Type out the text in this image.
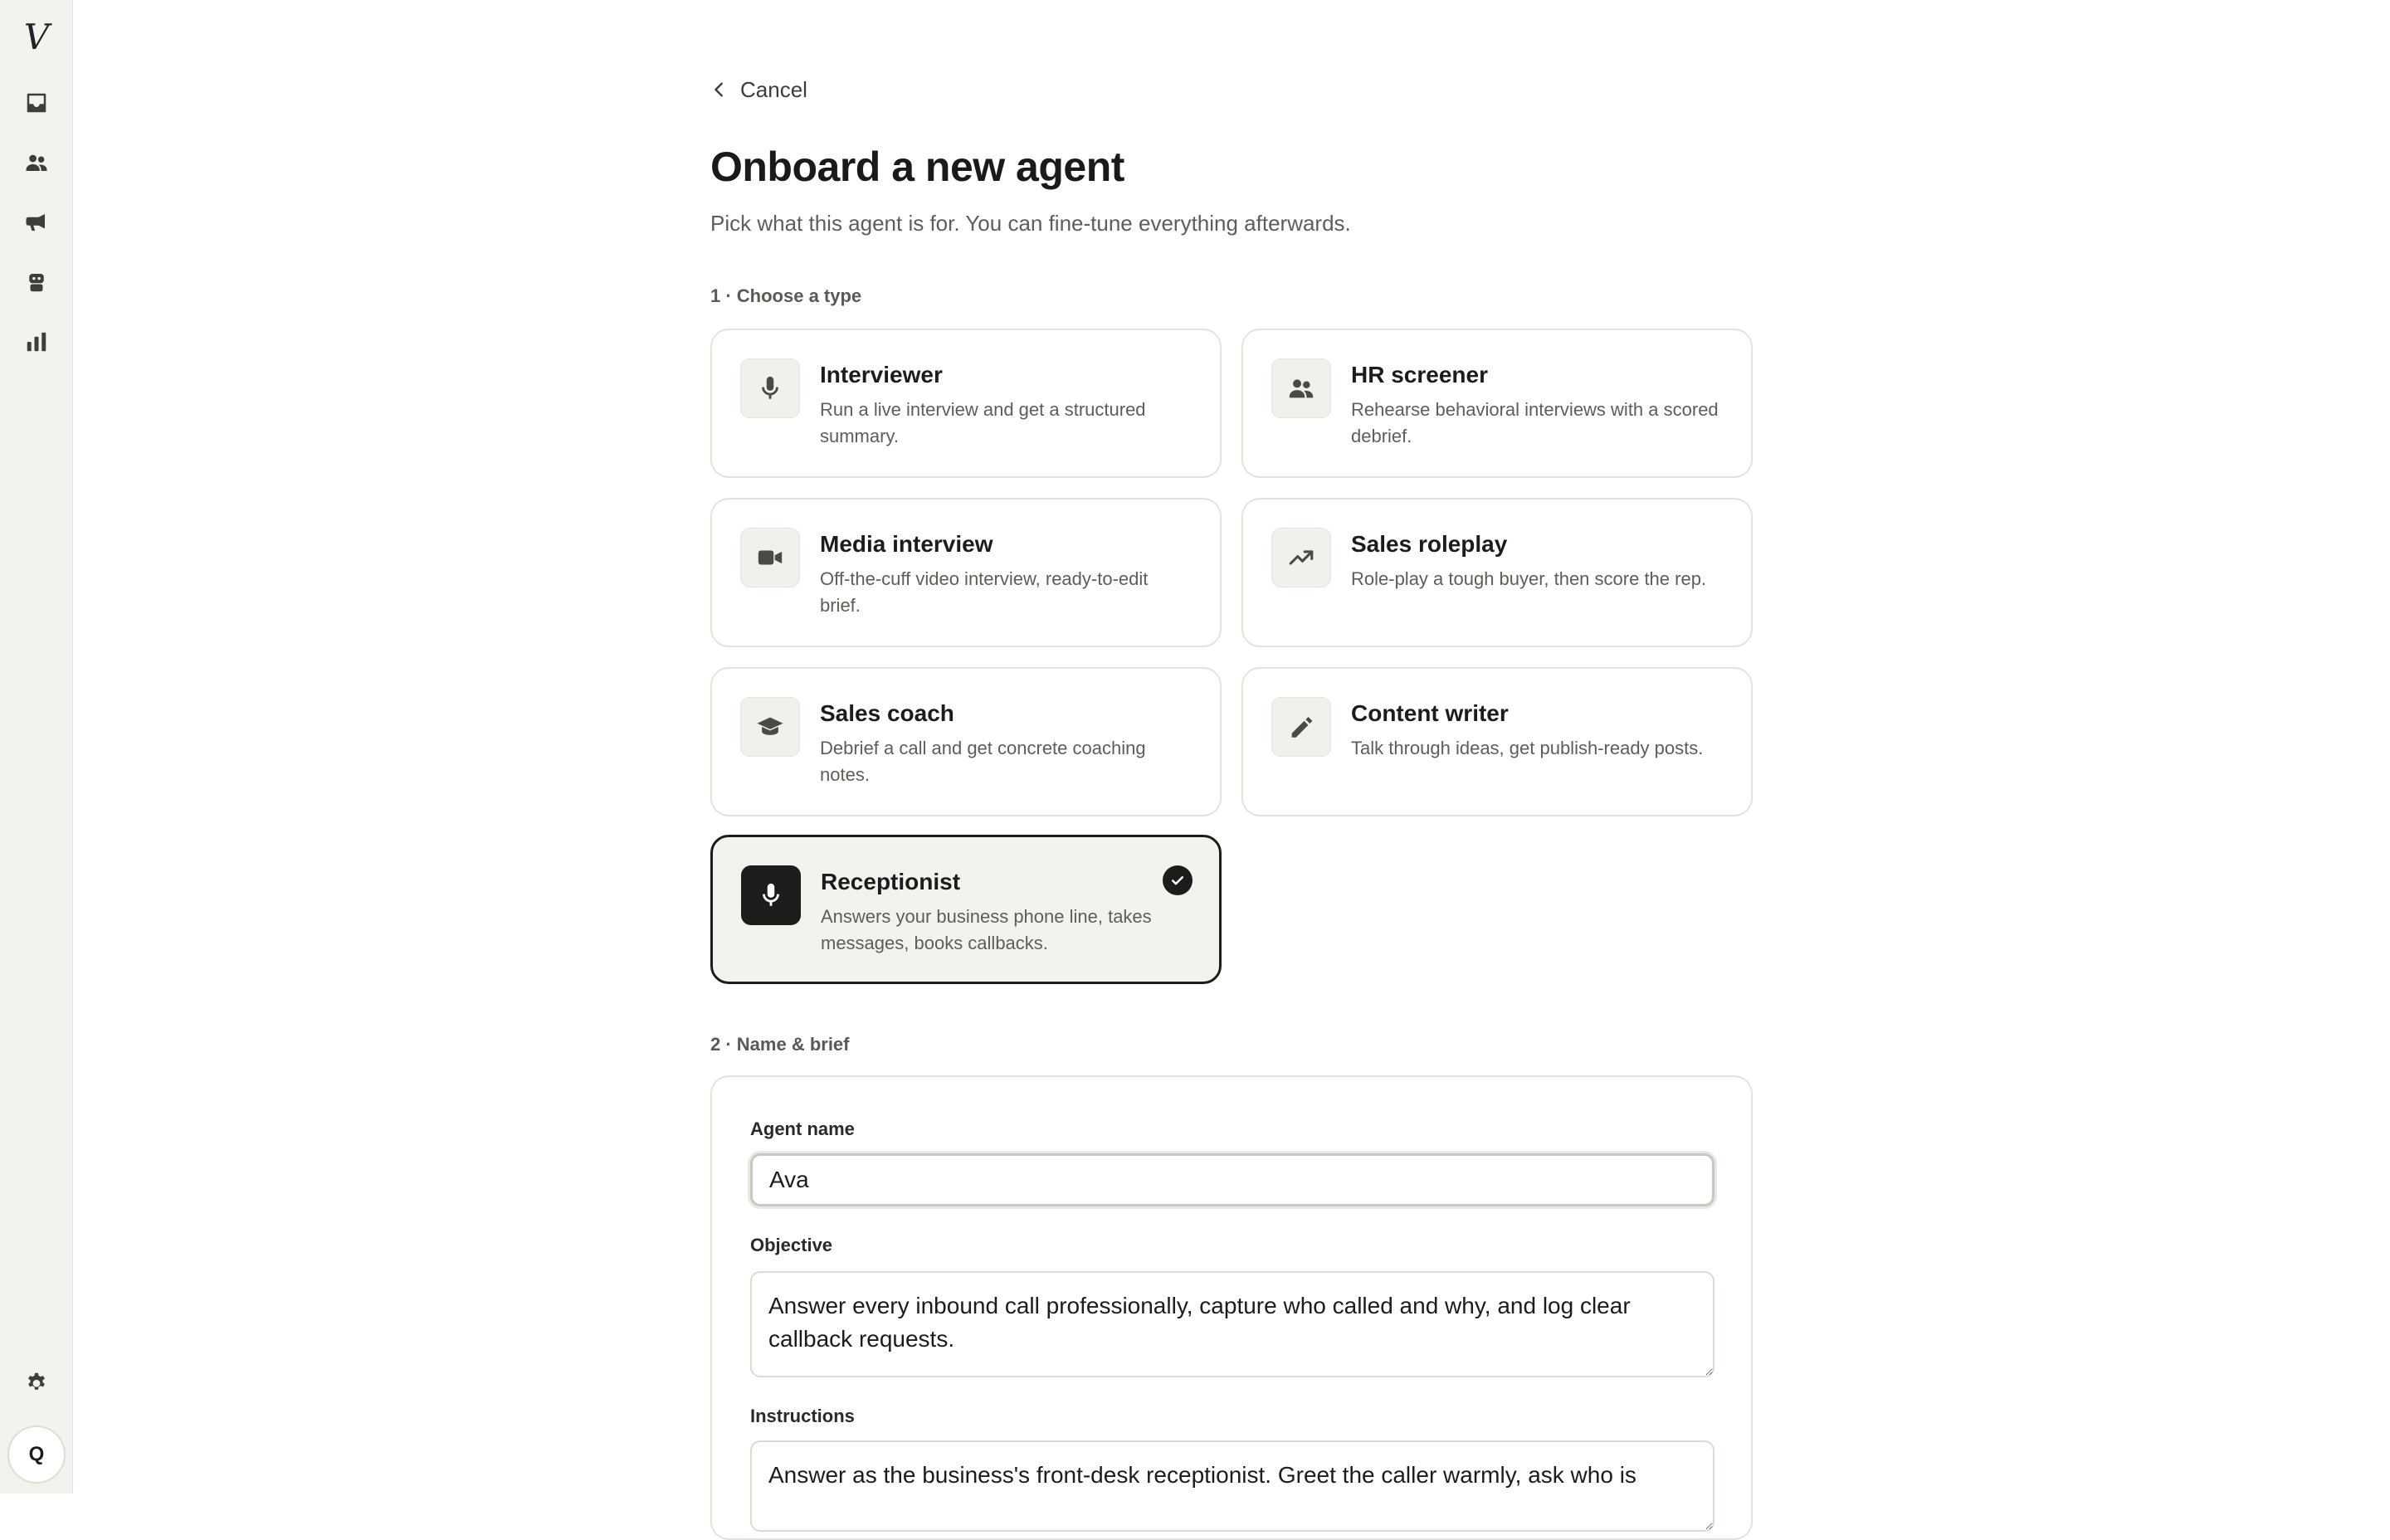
V
Q
Cancel
Onboard a new agent

Pick what this agent is for. You can fine-tune everything afterwards.

1 · Choose a type
Interviewer
Run a live interview and get a structured summary.
HR screener
Rehearse behavioral interviews with a scored debrief.
Media interview
Off-the-cuff video interview, ready-to-edit brief.
Sales roleplay
Role-play a tough buyer, then score the rep.
Sales coach
Debrief a call and get concrete coaching notes.
Content writer
Talk through ideas, get publish-ready posts.
Receptionist
Answers your business phone line, takes messages, books callbacks.
2 · Name & brief
Agent name
Ava
Objective
Answer every inbound call professionally, capture who called and why, and log clear callback requests.
Instructions
Answer as the business's front-desk receptionist. Greet the caller warmly, ask who is
